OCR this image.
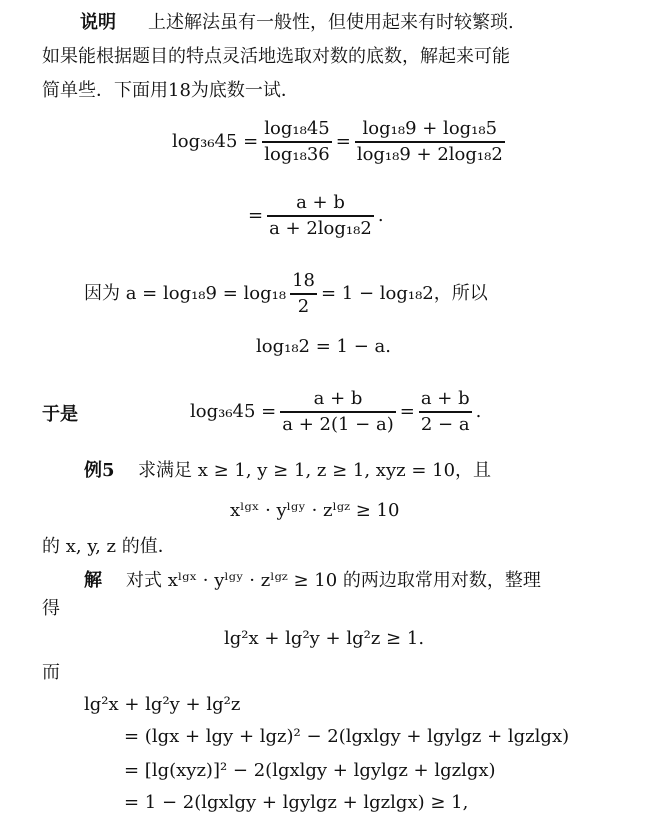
说明 上述解法虽有一般性，但使用起来有时较繁琐.
如果能根据题目的特点灵活地选取对数的底数，解起来可能
简单些．下面用18为底数一试．
$\log_{36}45 = \frac{\text{log₁₈45}}{\text{log₁₈36}} = \frac{\text{log₁₈9 + log₁₈5}}{\text{log₁₈9 + 2log₁₈2}}$
= $\frac{a + b}{\text{a + 2log₁₈2}}$ .
因为 $a = \log_{18}9 = \log_{18} \frac{18}{2} = 1 - \log_{18}2$，所以
log₁₈2 = 1 − a.
于是	$\log_{36}45 = \frac{a + b}{a + 2(1 - a)} = \frac{a + b}{2 - a}$ .
例5 求满足 x ≥ 1, y ≥ 1, z ≥ 1, xyz = 10，且
xˡᵍˣ · yˡᵍʸ · zˡᵍᶻ ≥ 10
的 x, y, z 的值．
解 对式 xˡᵍˣ · yˡᵍʸ · zˡᵍᶻ ≥ 10 的两边取常用对数，整理
得
lg²x + lg²y + lg²z ≥ 1.
而
lg²x + lg²y + lg²z
= (lgx + lgy + lgz)² − 2(lgxlgy + lgylgz + lgzlgx)
= [lg(xyz)]² − 2(lgxlgy + lgylgz + lgzlgx)
= 1 − 2(lgxlgy + lgylgz + lgzlgx) ≥ 1,
